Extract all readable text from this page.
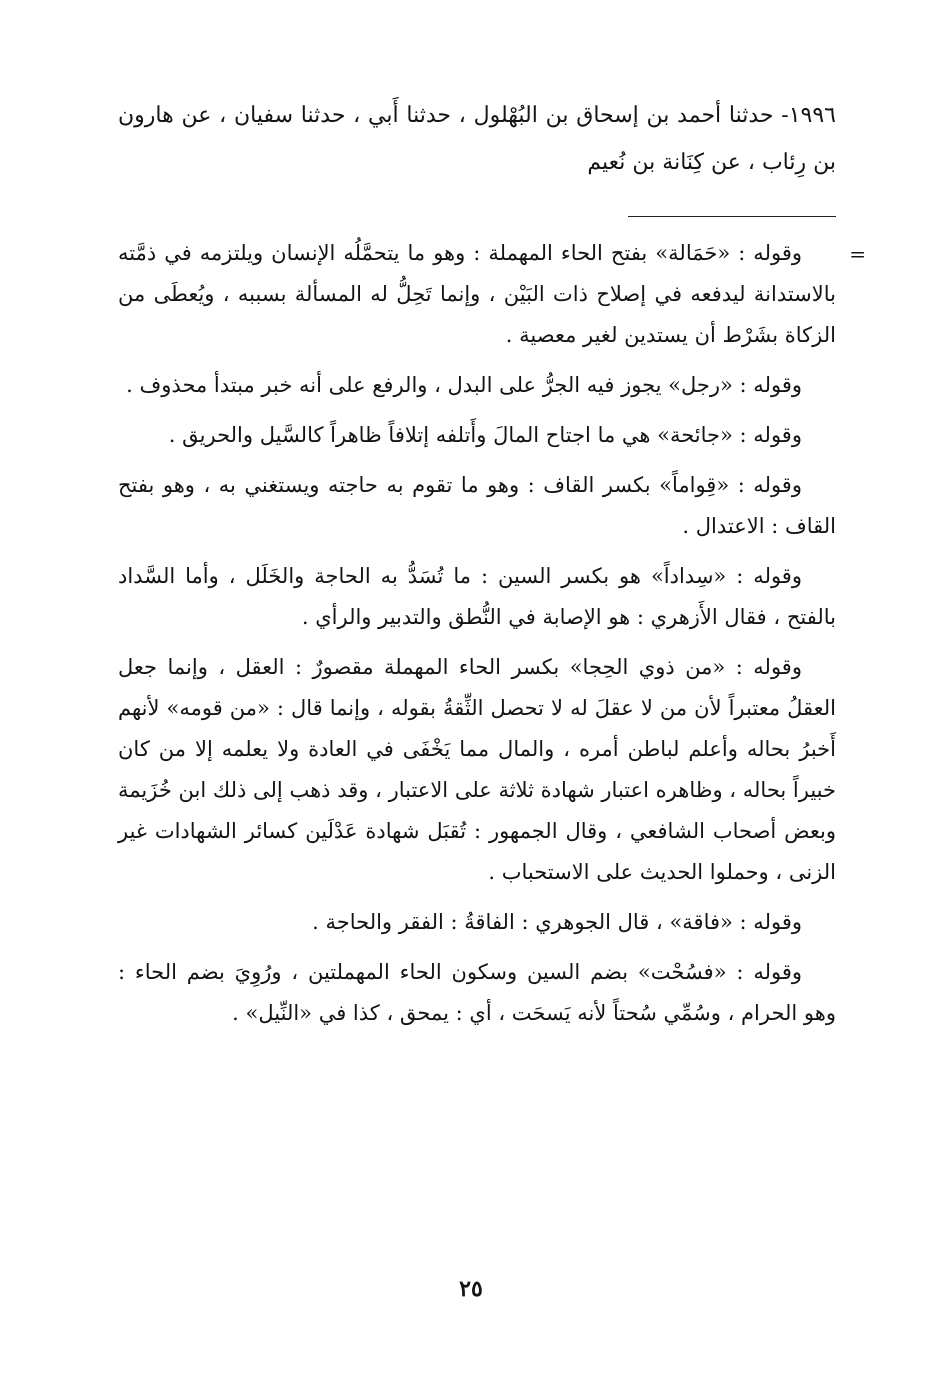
١٩٩٦- حدثنا أحمد بن إسحاق بن البُهْلول ، حدثنا أَبي ، حدثنا سفيان ، عن هارون بن رِئاب ، عن كِنَانة بن نُعيم

=

وقوله : «حَمَالة» بفتح الحاء المهملة : وهو ما يتحمَّلُه الإنسان ويلتزمه في ذمَّته بالاستدانة ليدفعه في إصلاح ذات البَيْن ، وإنما تَحِلُّ له المسألة بسببه ، ويُعطَى من الزكاة بشَرْط أن يستدين لغير معصية .

وقوله : «رجل» يجوز فيه الجرُّ على البدل ، والرفع على أنه خبر مبتدأ محذوف .

وقوله : «جائحة» هي ما اجتاح المالَ وأَتلفه إتلافاً ظاهراً كالسَّيل والحريق .

وقوله : «قِواماً» بكسر القاف : وهو ما تقوم به حاجته ويستغني به ، وهو بفتح القاف : الاعتدال .

وقوله : «سِداداً» هو بكسر السين : ما تُسَدُّ به الحاجة والخَلَل ، وأما السَّداد بالفتح ، فقال الأَزهري : هو الإصابة في النُّطق والتدبير والرأي .

وقوله : «من ذوي الحِجا» بكسر الحاء المهملة مقصورٌ : العقل ، وإنما جعل العقلُ معتبراً لأن من لا عقلَ له لا تحصل الثِّقةُ بقوله ، وإنما قال : «من قومه» لأنهم أَخبرُ بحاله وأعلم لباطن أمره ، والمال مما يَخْفَى في العادة ولا يعلمه إلا من كان خبيراً بحاله ، وظاهره اعتبار شهادة ثلاثة على الاعتبار ، وقد ذهب إلى ذلك ابن خُزَيمة وبعض أصحاب الشافعي ، وقال الجمهور : تُقبَل شهادة عَدْلَين كسائر الشهادات غير الزنى ، وحملوا الحديث على الاستحباب .

وقوله : «فاقة» ، قال الجوهري : الفاقةُ : الفقر والحاجة .

وقوله : «فسُحْت» بضم السين وسكون الحاء المهملتين ، ورُوِيَ بضم الحاء : وهو الحرام ، وسُمِّي سُحتاً لأنه يَسحَت ، أي : يمحق ، كذا في «النِّيل» .

٢٥
